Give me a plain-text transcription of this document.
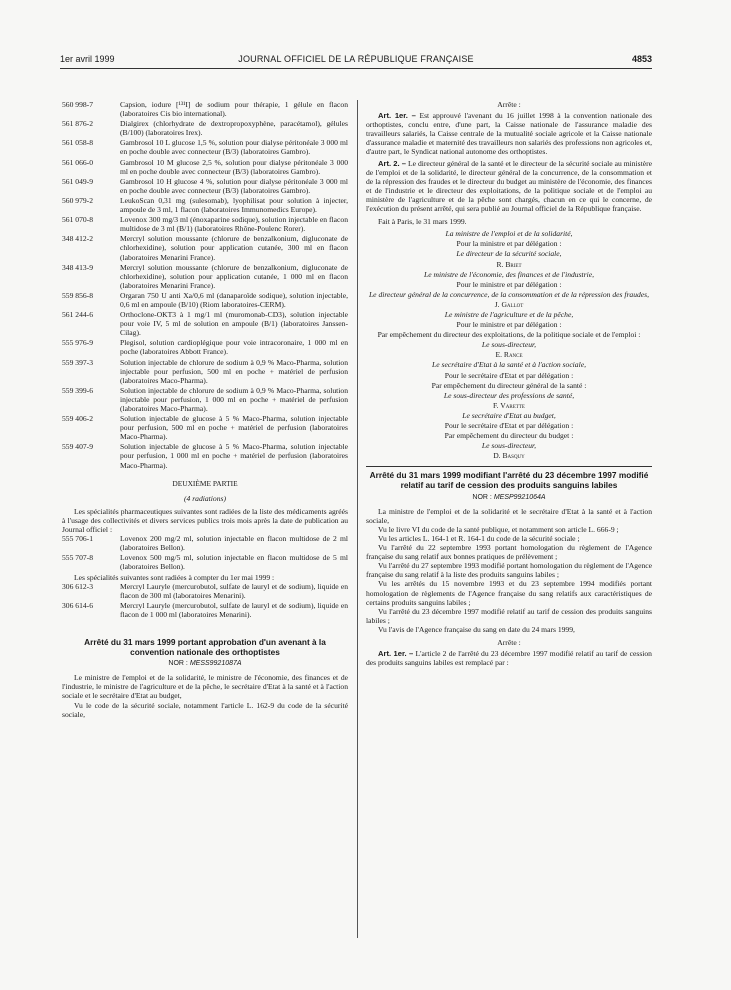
1er avril 1999	JOURNAL OFFICIEL DE LA RÉPUBLIQUE FRANÇAISE	4853
560 998-7	Capsion, iodure [¹³¹I] de sodium pour thérapie, 1 gélule en flacon (laboratoires Cis bio international).
561 876-2	Dialgirex (chlorhydrate de dextropropoxyphène, paracétamol), gélules (B/100) (laboratoires Irex).
561 058-8	Gambrosol 10 L glucose 1,5 %, solution pour dialyse péritonéale 3 000 ml en poche double avec connecteur (B/3) (laboratoires Gambro).
561 066-0	Gambrosol 10 M glucose 2,5 %, solution pour dialyse péritonéale 3 000 ml en poche double avec connecteur (B/3) (laboratoires Gambro).
561 049-9	Gambrosol 10 H glucose 4 %, solution pour dialyse péritonéale 3 000 ml en poche double avec connecteur (B/3) (laboratoires Gambro).
560 979-2	LeukoScan 0,31 mg (sulesomab), lyophilisat pour solution à injecter, ampoule de 3 ml, 1 flacon (laboratoires Immunomedics Europe).
561 070-8	Lovenox 300 mg/3 ml (énoxaparine sodique), solution injectable en flacon multidose de 3 ml (B/1) (laboratoires Rhône-Poulenc Rorer).
348 412-2	Mercryl solution moussante (chlorure de benzalkonium, digluconate de chlorhexidine), solution pour application cutanée, 300 ml en flacon (laboratoires Menarini France).
348 413-9	Mercryl solution moussante (chlorure de benzalkonium, digluconate de chlorhexidine), solution pour application cutanée, 1 000 ml en flacon (laboratoires Menarini France).
559 856-8	Orgaran 750 U anti Xa/0,6 ml (danaparoïde sodique), solution injectable, 0,6 ml en ampoule (B/10) (Riom laboratoires-CERM).
561 244-6	Orthoclone-OKT3 à 1 mg/1 ml (muromonab-CD3), solution injectable pour voie IV, 5 ml de solution en ampoule (B/1) (laboratoires Janssen-Cilag).
555 976-9	Plegisol, solution cardioplégique pour voie intracoronaire, 1 000 ml en poche (laboratoires Abbott France).
559 397-3	Solution injectable de chlorure de sodium à 0,9 % Maco-Pharma, solution injectable pour perfusion, 500 ml en poche + matériel de perfusion (laboratoires Maco-Pharma).
559 399-6	Solution injectable de chlorure de sodium à 0,9 % Maco-Pharma, solution injectable pour perfusion, 1 000 ml en poche + matériel de perfusion (laboratoires Maco-Pharma).
559 406-2	Solution injectable de glucose à 5 % Maco-Pharma, solution injectable pour perfusion, 500 ml en poche + matériel de perfusion (laboratoires Maco-Pharma).
559 407-9	Solution injectable de glucose à 5 % Maco-Pharma, solution injectable pour perfusion, 1 000 ml en poche + matériel de perfusion (laboratoires Maco-Pharma).
DEUXIÈME PARTIE
(4 radiations)

Les spécialités pharmaceutiques suivantes sont radiées de la liste des médicaments agréés à l'usage des collectivités et divers services publics trois mois après la date de publication au Journal officiel :

555 706-1	Lovenox 200 mg/2 ml, solution injectable en flacon multidose de 2 ml (laboratoires Bellon).
555 707-8	Lovenox 500 mg/5 ml, solution injectable en flacon multidose de 5 ml (laboratoires Bellon).

Les spécialités suivantes sont radiées à compter du 1er mai 1999 :

306 612-3	Mercryl Lauryle (mercurobutol, sulfate de lauryl et de sodium), liquide en flacon de 300 ml (laboratoires Menarini).
306 614-6	Mercryl Lauryle (mercurobutol, sulfate de lauryl et de sodium), liquide en flacon de 1 000 ml (laboratoires Menarini).
Arrêté du 31 mars 1999 portant approbation d'un avenant à la convention nationale des orthoptistes
NOR : MESS9921087A

Le ministre de l'emploi et de la solidarité, le ministre de l'économie, des finances et de l'industrie, le ministre de l'agriculture et de la pêche, le secrétaire d'Etat à la santé et à l'action sociale et le secrétaire d'Etat au budget,

Vu le code de la sécurité sociale, notamment l'article L. 162-9 du code de la sécurité sociale,

Arrête :

Art. 1er. – Est approuvé l'avenant du 16 juillet 1998 à la convention nationale des orthoptistes, conclu entre, d'une part, la Caisse nationale de l'assurance maladie des travailleurs salariés, la Caisse centrale de la mutualité sociale agricole et la Caisse nationale d'assurance maladie et maternité des travailleurs non salariés des professions non agricoles et, d'autre part, le Syndicat national autonome des orthoptistes.

Art. 2. – Le directeur général de la santé et le directeur de la sécurité sociale au ministère de l'emploi et de la solidarité, le directeur général de la concurrence, de la consommation et de la répression des fraudes et le directeur du budget au ministère de l'économie, des finances et de l'industrie et le directeur des exploitations, de la politique sociale et de l'emploi au ministère de l'agriculture et de la pêche sont chargés, chacun en ce qui le concerne, de l'exécution du présent arrêté, qui sera publié au Journal officiel de la République française.

Fait à Paris, le 31 mars 1999.

La ministre de l'emploi et de la solidarité,
Pour la ministre et par délégation :
Le directeur de la sécurité sociale,
R. Briet
Le ministre de l'économie, des finances et de l'industrie,
Pour le ministre et par délégation :
Le directeur général de la concurrence, de la consommation et de la répression des fraudes,
J. Gallot
Le ministre de l'agriculture et de la pêche,
Pour le ministre et par délégation :
Par empêchement du directeur des exploitations, de la politique sociale et de l'emploi :
Le sous-directeur,
E. Rance
Le secrétaire d'Etat à la santé et à l'action sociale,
Pour le secrétaire d'Etat et par délégation :
Par empêchement du directeur général de la santé :
Le sous-directeur des professions de santé,
F. Varette
Le secrétaire d'Etat au budget,
Pour le secrétaire d'Etat et par délégation :
Par empêchement du directeur du budget :
Le sous-directeur,
D. Basquy
Arrêté du 31 mars 1999 modifiant l'arrêté du 23 décembre 1997 modifié relatif au tarif de cession des produits sanguins labiles
NOR : MESP9921064A

La ministre de l'emploi et de la solidarité et le secrétaire d'Etat à la santé et à l'action sociale,

Vu le livre VI du code de la santé publique, et notamment son article L. 666-9 ;

Vu les articles L. 164-1 et R. 164-1 du code de la sécurité sociale ;

Vu l'arrêté du 22 septembre 1993 portant homologation du règlement de l'Agence française du sang relatif aux bonnes pratiques de prélèvement ;

Vu l'arrêté du 27 septembre 1993 modifié portant homologation du règlement de l'Agence française du sang relatif à la liste des produits sanguins labiles ;

Vu les arrêtés du 15 novembre 1993 et du 23 septembre 1994 modifiés portant homologation de règlements de l'Agence française du sang relatifs aux caractéristiques de certains produits sanguins labiles ;

Vu l'arrêté du 23 décembre 1997 modifié relatif au tarif de cession des produits sanguins labiles ;

Vu l'avis de l'Agence française du sang en date du 24 mars 1999,

Arrête :

Art. 1er. – L'article 2 de l'arrêté du 23 décembre 1997 modifié relatif au tarif de cession des produits sanguins labiles est remplacé par :
